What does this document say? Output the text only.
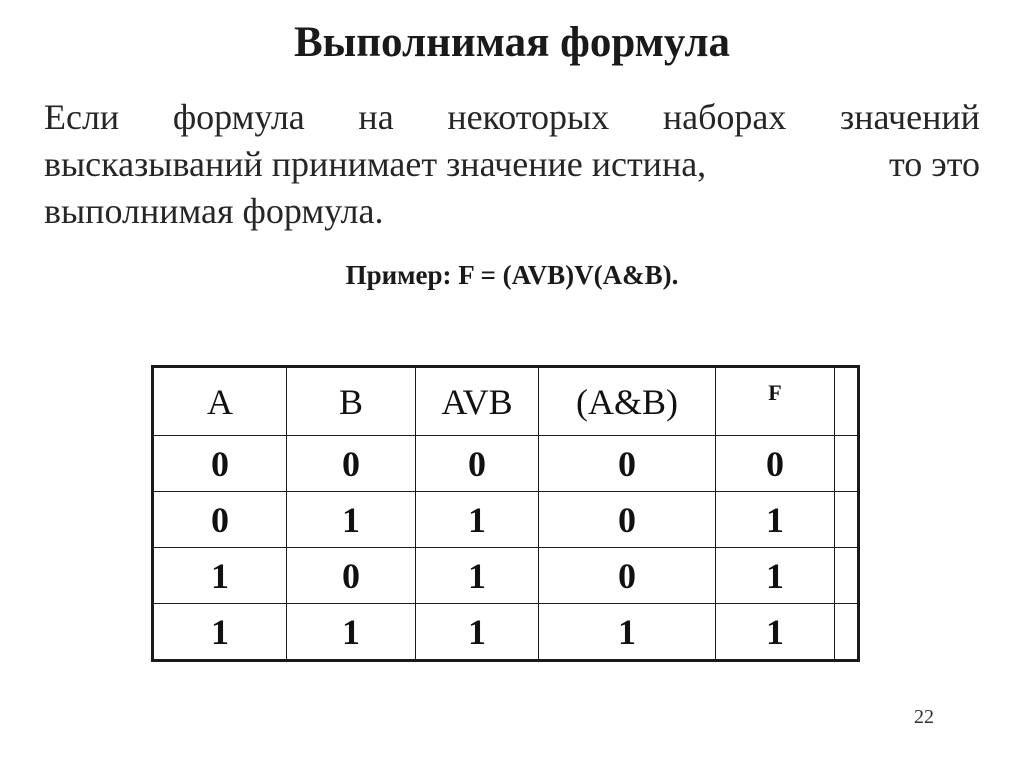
Выполнимая формула
Если формула на некоторых наборах значений
высказываний принимает значение истина,	то это
выполнимая формула.
Пример: F = (AVB)V(A&B).
A	B	AVB	(A&B)	F	
0	0	0	0	0	
0	1	1	0	1	
1	0	1	0	1	
1	1	1	1	1	
22
